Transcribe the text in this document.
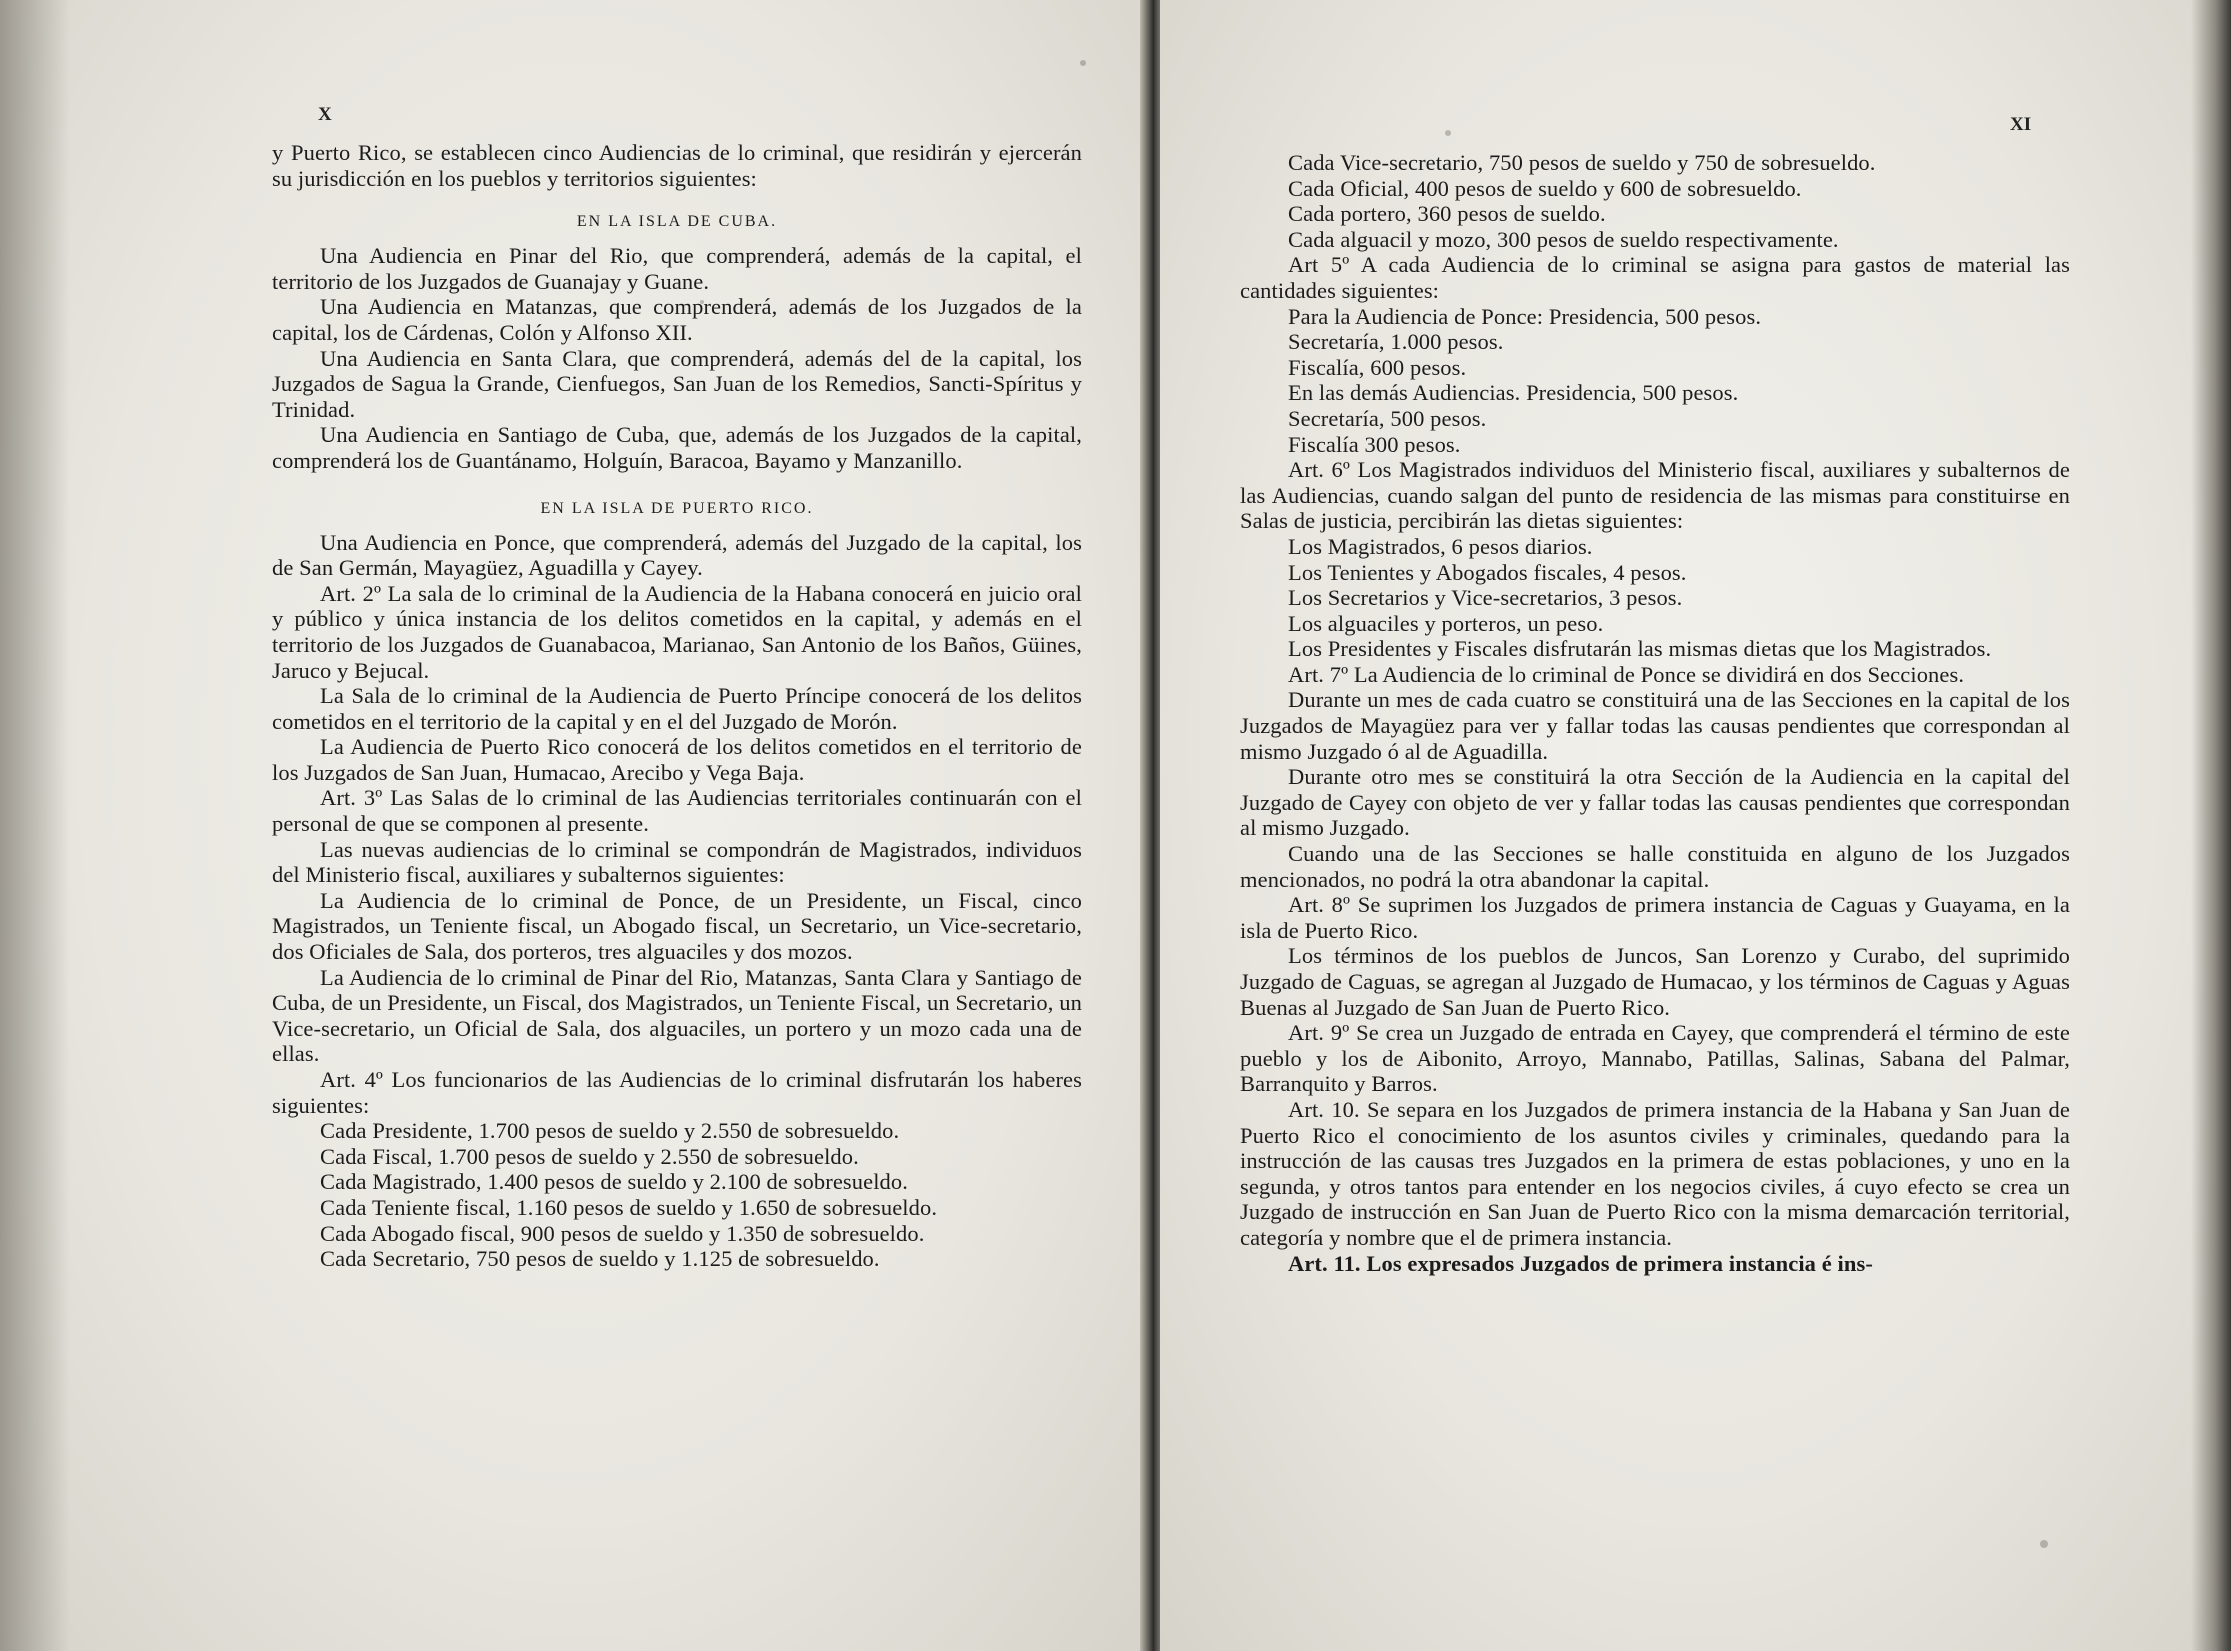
X

y Puerto Rico, se establecen cinco Audiencias de lo criminal, que residirán y ejercerán su jurisdicción en los pueblos y territorios siguientes:

EN LA ISLA DE CUBA.

Una Audiencia en Pinar del Rio, que comprenderá, además de la capital, el territorio de los Juzgados de Guanajay y Guane.

Una Audiencia en Matanzas, que comprenderá, además de los Juzgados de la capital, los de Cárdenas, Colón y Alfonso XII.

Una Audiencia en Santa Clara, que comprenderá, además del de la capital, los Juzgados de Sagua la Grande, Cienfuegos, San Juan de los Remedios, Sancti-Spíritus y Trinidad.

Una Audiencia en Santiago de Cuba, que, además de los Juzgados de la capital, comprenderá los de Guantánamo, Holguín, Baracoa, Bayamo y Manzanillo.

EN LA ISLA DE PUERTO RICO.

Una Audiencia en Ponce, que comprenderá, además del Juzgado de la capital, los de San Germán, Mayagüez, Aguadilla y Cayey.

Art. 2º La sala de lo criminal de la Audiencia de la Habana conocerá en juicio oral y público y única instancia de los delitos cometidos en la capital, y además en el territorio de los Juzgados de Guanabacoa, Marianao, San Antonio de los Baños, Güines, Jaruco y Bejucal.

La Sala de lo criminal de la Audiencia de Puerto Príncipe conocerá de los delitos cometidos en el territorio de la capital y en el del Juzgado de Morón.

La Audiencia de Puerto Rico conocerá de los delitos cometidos en el territorio de los Juzgados de San Juan, Humacao, Arecibo y Vega Baja.

Art. 3º Las Salas de lo criminal de las Audiencias territoriales continuarán con el personal de que se componen al presente.

Las nuevas audiencias de lo criminal se compondrán de Magistrados, individuos del Ministerio fiscal, auxiliares y subalternos siguientes:

La Audiencia de lo criminal de Ponce, de un Presidente, un Fiscal, cinco Magistrados, un Teniente fiscal, un Abogado fiscal, un Secretario, un Vice-secretario, dos Oficiales de Sala, dos porteros, tres alguaciles y dos mozos.

La Audiencia de lo criminal de Pinar del Rio, Matanzas, Santa Clara y Santiago de Cuba, de un Presidente, un Fiscal, dos Magistrados, un Teniente Fiscal, un Secretario, un Vice-secretario, un Oficial de Sala, dos alguaciles, un portero y un mozo cada una de ellas.

Art. 4º Los funcionarios de las Audiencias de lo criminal disfrutarán los haberes siguientes:

Cada Presidente, 1.700 pesos de sueldo y 2.550 de sobresueldo.

Cada Fiscal, 1.700 pesos de sueldo y 2.550 de sobresueldo.

Cada Magistrado, 1.400 pesos de sueldo y 2.100 de sobresueldo.

Cada Teniente fiscal, 1.160 pesos de sueldo y 1.650 de sobresueldo.

Cada Abogado fiscal, 900 pesos de sueldo y 1.350 de sobresueldo.

Cada Secretario, 750 pesos de sueldo y 1.125 de sobresueldo.

XI

Cada Vice-secretario, 750 pesos de sueldo y 750 de sobresueldo.

Cada Oficial, 400 pesos de sueldo y 600 de sobresueldo.

Cada portero, 360 pesos de sueldo.

Cada alguacil y mozo, 300 pesos de sueldo respectivamente.

Art 5º A cada Audiencia de lo criminal se asigna para gastos de material las cantidades siguientes:

Para la Audiencia de Ponce: Presidencia, 500 pesos.

Secretaría, 1.000 pesos.

Fiscalía, 600 pesos.

En las demás Audiencias. Presidencia, 500 pesos.

Secretaría, 500 pesos.

Fiscalía 300 pesos.

Art. 6º Los Magistrados individuos del Ministerio fiscal, auxiliares y subalternos de las Audiencias, cuando salgan del punto de residencia de las mismas para constituirse en Salas de justicia, percibirán las dietas siguientes:

Los Magistrados, 6 pesos diarios.

Los Tenientes y Abogados fiscales, 4 pesos.

Los Secretarios y Vice-secretarios, 3 pesos.

Los alguaciles y porteros, un peso.

Los Presidentes y Fiscales disfrutarán las mismas dietas que los Magistrados.

Art. 7º La Audiencia de lo criminal de Ponce se dividirá en dos Secciones.

Durante un mes de cada cuatro se constituirá una de las Secciones en la capital de los Juzgados de Mayagüez para ver y fallar todas las causas pendientes que correspondan al mismo Juzgado ó al de Aguadilla.

Durante otro mes se constituirá la otra Sección de la Audiencia en la capital del Juzgado de Cayey con objeto de ver y fallar todas las causas pendientes que correspondan al mismo Juzgado.

Cuando una de las Secciones se halle constituida en alguno de los Juzgados mencionados, no podrá la otra abandonar la capital.

Art. 8º Se suprimen los Juzgados de primera instancia de Caguas y Guayama, en la isla de Puerto Rico.

Los términos de los pueblos de Juncos, San Lorenzo y Curabo, del suprimido Juzgado de Caguas, se agregan al Juzgado de Humacao, y los términos de Caguas y Aguas Buenas al Juzgado de San Juan de Puerto Rico.

Art. 9º Se crea un Juzgado de entrada en Cayey, que comprenderá el término de este pueblo y los de Aibonito, Arroyo, Mannabo, Patillas, Salinas, Sabana del Palmar, Barranquito y Barros.

Art. 10. Se separa en los Juzgados de primera instancia de la Habana y San Juan de Puerto Rico el conocimiento de los asuntos civiles y criminales, quedando para la instrucción de las causas tres Juzgados en la primera de estas poblaciones, y uno en la segunda, y otros tantos para entender en los negocios civiles, á cuyo efecto se crea un Juzgado de instrucción en San Juan de Puerto Rico con la misma demarcación territorial, categoría y nombre que el de primera instancia.

Art. 11. Los expresados Juzgados de primera instancia é ins-
